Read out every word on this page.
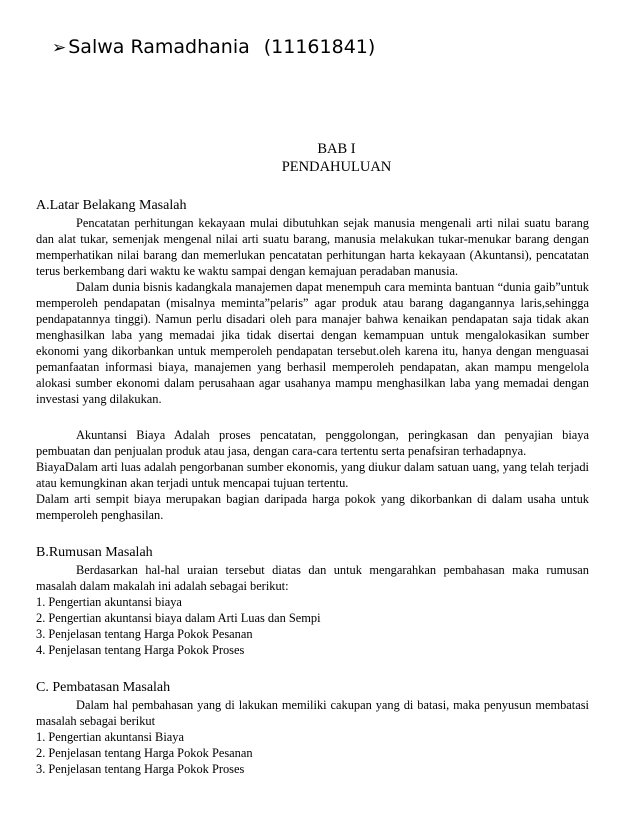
➢ Salwa Ramadhania (11161841)
BAB I
PENDAHULUAN

A.Latar Belakang Masalah

Pencatatan perhitungan kekayaan mulai dibutuhkan sejak manusia mengenali arti nilai suatu barang dan alat tukar, semenjak mengenal nilai arti suatu barang, manusia melakukan tukar-menukar barang dengan memperhatikan nilai barang dan memerlukan pencatatan perhitungan harta kekayaan (Akuntansi), pencatatan terus berkembang dari waktu ke waktu sampai dengan kemajuan peradaban manusia.

Dalam dunia bisnis kadangkala manajemen dapat menempuh cara meminta bantuan “dunia gaib”untuk memperoleh pendapatan (misalnya meminta”pelaris” agar produk atau barang dagangannya laris,sehingga pendapatannya tinggi). Namun perlu disadari oleh para manajer bahwa kenaikan pendapatan saja tidak akan menghasilkan laba yang memadai jika tidak disertai dengan kemampuan untuk mengalokasikan sumber ekonomi yang dikorbankan untuk memperoleh pendapatan tersebut.oleh karena itu, hanya dengan menguasai pemanfaatan informasi biaya, manajemen yang berhasil memperoleh pendapatan, akan mampu mengelola alokasi sumber ekonomi dalam perusahaan agar usahanya mampu menghasilkan laba yang memadai dengan investasi yang dilakukan.

Akuntansi Biaya Adalah proses pencatatan, penggolongan, peringkasan dan penyajian biaya pembuatan dan penjualan produk atau jasa, dengan cara-cara tertentu serta penafsiran terhadapnya.

BiayaDalam arti luas adalah pengorbanan sumber ekonomis, yang diukur dalam satuan uang, yang telah terjadi atau kemungkinan akan terjadi untuk mencapai tujuan tertentu.

Dalam arti sempit biaya merupakan bagian daripada harga pokok yang dikorbankan di dalam usaha untuk memperoleh penghasilan.

B.Rumusan Masalah

Berdasarkan hal-hal uraian tersebut diatas dan untuk mengarahkan pembahasan maka rumusan masalah dalam makalah ini adalah sebagai berikut:

1. Pengertian akuntansi biaya

2. Pengertian akuntansi biaya dalam Arti Luas dan Sempi

3. Penjelasan tentang Harga Pokok Pesanan

4. Penjelasan tentang Harga Pokok Proses

C. Pembatasan Masalah

Dalam hal pembahasan yang di lakukan memiliki cakupan yang di batasi, maka penyusun membatasi masalah sebagai berikut

1. Pengertian akuntansi Biaya

2. Penjelasan tentang Harga Pokok Pesanan

3. Penjelasan tentang Harga Pokok Proses
